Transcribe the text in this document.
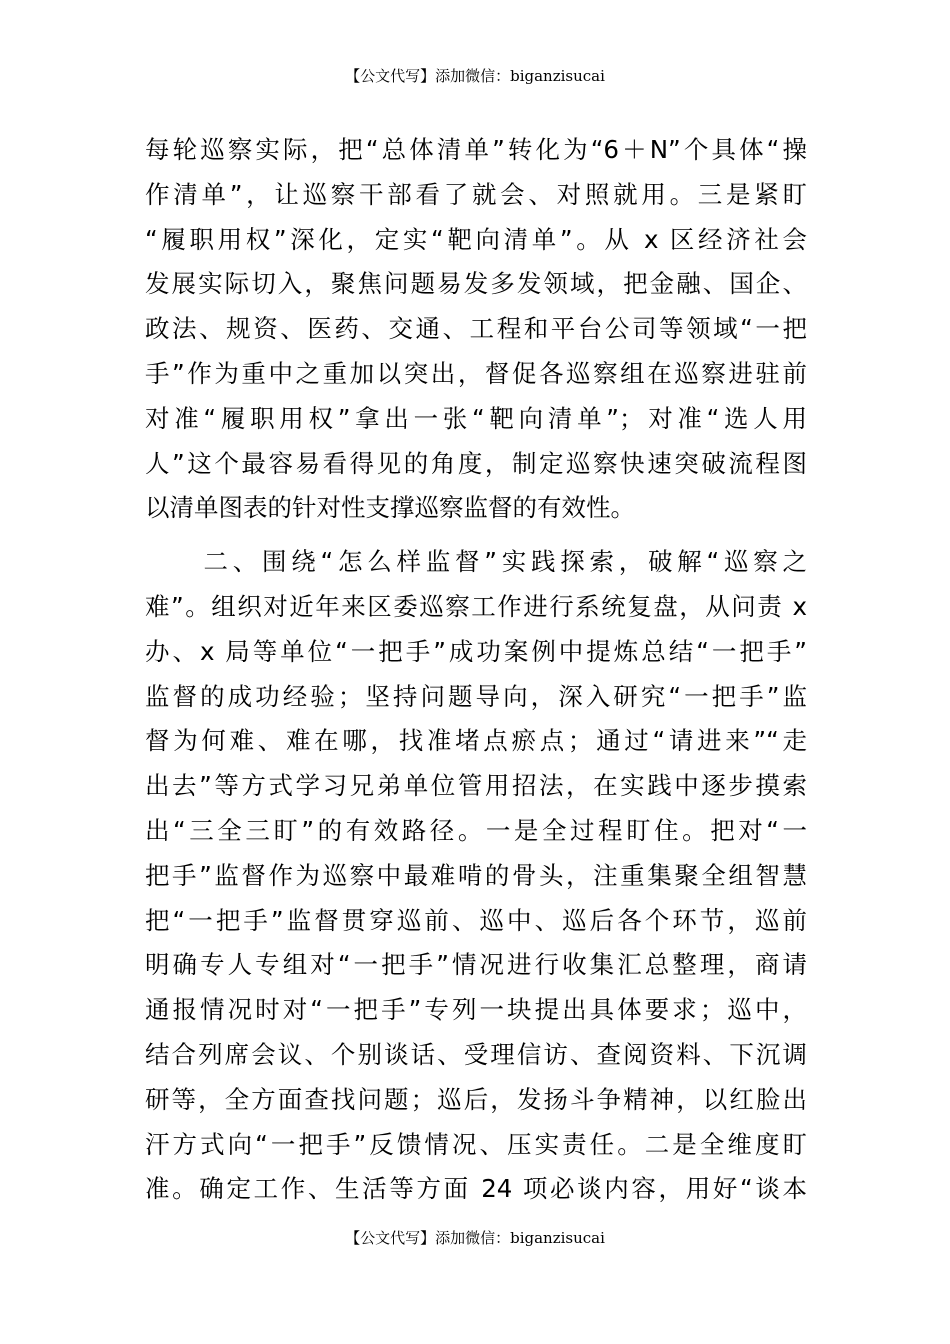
【公文代写】添加微信：biganzisucai
每轮巡察实际，把“总体清单”转化为“6＋N”个具体“操
作清单”，让巡察干部看了就会、对照就用。三是紧盯
“履职用权”深化，定实“靶向清单”。从 x 区经济社会
发展实际切入，聚焦问题易发多发领域，把金融、国企、
政法、规资、医药、交通、工程和平台公司等领域“一把
手”作为重中之重加以突出，督促各巡察组在巡察进驻前
对准“履职用权”拿出一张“靶向清单”；对准“选人用
人”这个最容易看得见的角度，制定巡察快速突破流程图
以清单图表的针对性支撑巡察监督的有效性。
　　二、围绕“怎么样监督”实践探索，破解“巡察之
难”。组织对近年来区委巡察工作进行系统复盘，从问责 x
办、x 局等单位“一把手”成功案例中提炼总结“一把手”
监督的成功经验；坚持问题导向，深入研究“一把手”监
督为何难、难在哪，找准堵点瘀点；通过“请进来”“走
出去”等方式学习兄弟单位管用招法，在实践中逐步摸索
出“三全三盯”的有效路径。一是全过程盯住。把对“一
把手”监督作为巡察中最难啃的骨头，注重集聚全组智慧
把“一把手”监督贯穿巡前、巡中、巡后各个环节，巡前
明确专人专组对“一把手”情况进行收集汇总整理，商请
通报情况时对“一把手”专列一块提出具体要求；巡中，
结合列席会议、个别谈话、受理信访、查阅资料、下沉调
研等，全方面查找问题；巡后，发扬斗争精神，以红脸出
汗方式向“一把手”反馈情况、压实责任。二是全维度盯
准。确定工作、生活等方面 24 项必谈内容，用好“谈本
【公文代写】添加微信：biganzisucai
